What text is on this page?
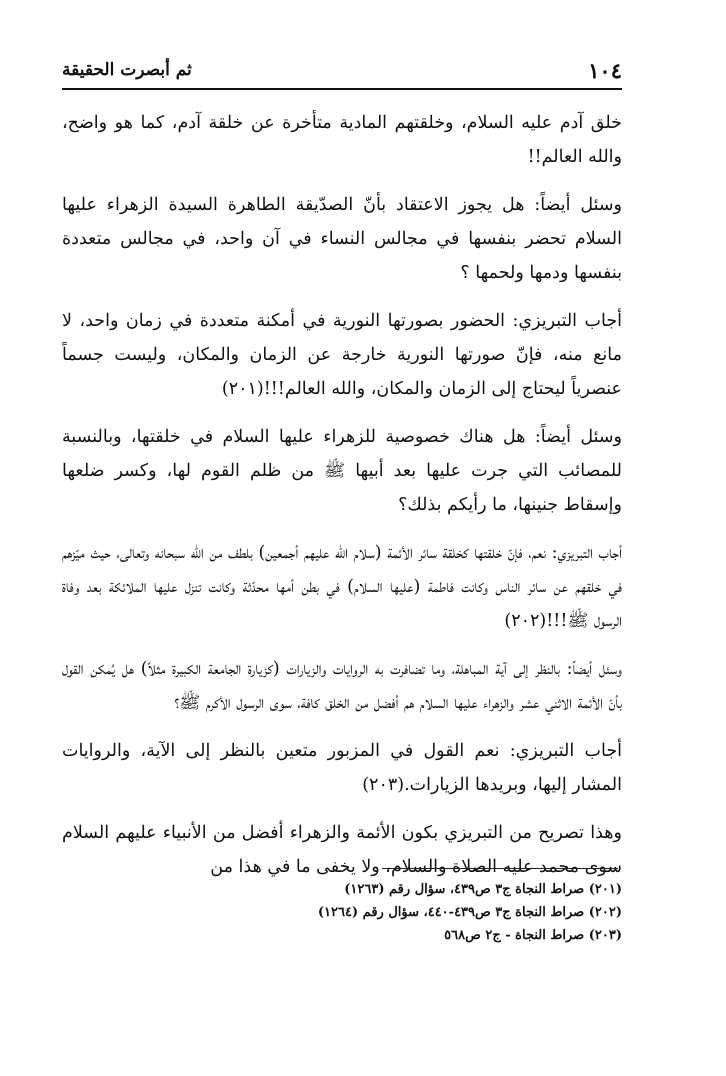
١٠٤
ثم أبصرت الحقيقة

خلق آدم عليه السلام، وخلقتهم المادية متأخرة عن خلقة آدم، كما هو واضح، والله العالم!!

وسئل أيضاً: هل يجوز الاعتقاد بأنّ الصدّيقة الطاهرة السيدة الزهراء عليها السلام تحضر بنفسها في مجالس النساء في آن واحد، في مجالس متعددة بنفسها ودمها ولحمها ؟

أجاب التبريزي: الحضور بصورتها النورية في أمكنة متعددة في زمان واحد، لا مانع منه، فإنّ صورتها النورية خارجة عن الزمان والمكان، وليست جسماً عنصرياً ليحتاج إلى الزمان والمكان، والله العالم!!!(٢٠١)

وسئل أيضاً: هل هناك خصوصية للزهراء عليها السلام في خلقتها، وبالنسبة للمصائب التي جرت عليها بعد أبيها ﷺ من ظلم القوم لها، وكسر ضلعها وإسقاط جنينها، ما رأيكم بذلك؟

أجاب التبريزي: نعم، فإنّ خلقتها كخلقة سائر الأئمة (سلام الله عليهم أجمعين) بلطف من الله سبحانه وتعالى، حيث ميّزهم في خلقهم عن سائر الناس وكانت فاطمة (عليها السلام) في بطن أمها محدّثة وكانت تنزل عليها الملائكة بعد وفاة الرسول ﷺ!!!(٢٠٢)

وسئل أيضاً: بالنظر إلى آية المباهلة، وما تضافرت به الروايات والزيارات (كزيارة الجامعة الكبيرة مثلاً) هل يُمكن القول بأنّ الأئمة الاثني عشر والزهراء عليها السلام هم أفضل من الخلق كافة، سوى الرسول الأكرم ﷺ؟

أجاب التبريزي: نعم القول في المزبور متعين بالنظر إلى الآية، والروايات المشار إليها، وبريدها الزيارات.(٢٠٣)

وهذا تصريح من التبريزي بكون الأئمة والزهراء أفضل من الأنبياء عليهم السلام سوى محمد عليه الصلاة والسلام، ولا يخفى ما في هذا من

(٢٠١) صراط النجاة ج٣ ص٤٣٩، سؤال رقم (١٢٦٣)

(٢٠٢) صراط النجاة ج٣ ص٤٣٩-٤٤٠، سؤال رقم (١٢٦٤)

(٢٠٣) صراط النجاة - ج٢ ص٥٦٨
